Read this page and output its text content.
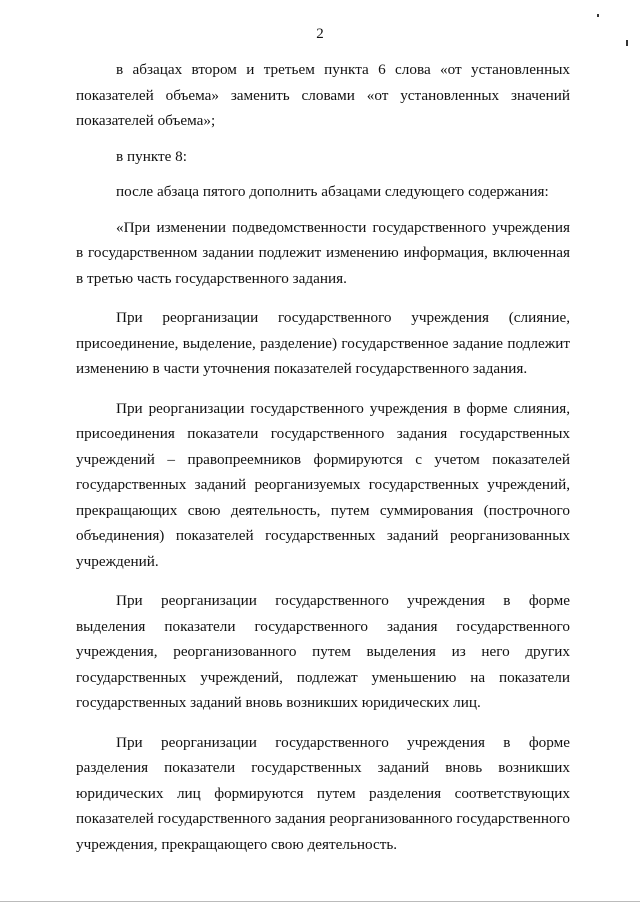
2

в абзацах втором и третьем пункта 6 слова «от установленных показателей объема» заменить словами «от установленных значений показателей объема»;

в пункте 8:

после абзаца пятого дополнить абзацами следующего содержания:

«При изменении подведомственности государственного учреждения в государственном задании подлежит изменению информация, включенная в третью часть государственного задания.

При реорганизации государственного учреждения (слияние, присоединение, выделение, разделение) государственное задание подлежит изменению в части уточнения показателей государственного задания.

При реорганизации государственного учреждения в форме слияния, присоединения показатели государственного задания государственных учреждений – правопреемников формируются с учетом показателей государственных заданий реорганизуемых государственных учреждений, прекращающих свою деятельность, путем суммирования (построчного объединения) показателей государственных заданий реорганизованных учреждений.

При реорганизации государственного учреждения в форме выделения показатели государственного задания государственного учреждения, реорганизованного путем выделения из него других государственных учреждений, подлежат уменьшению на показатели государственных заданий вновь возникших юридических лиц.

При реорганизации государственного учреждения в форме разделения показатели государственных заданий вновь возникших юридических лиц формируются путем разделения соответствующих показателей государственного задания реорганизованного государственного учреждения, прекращающего свою деятельность.
